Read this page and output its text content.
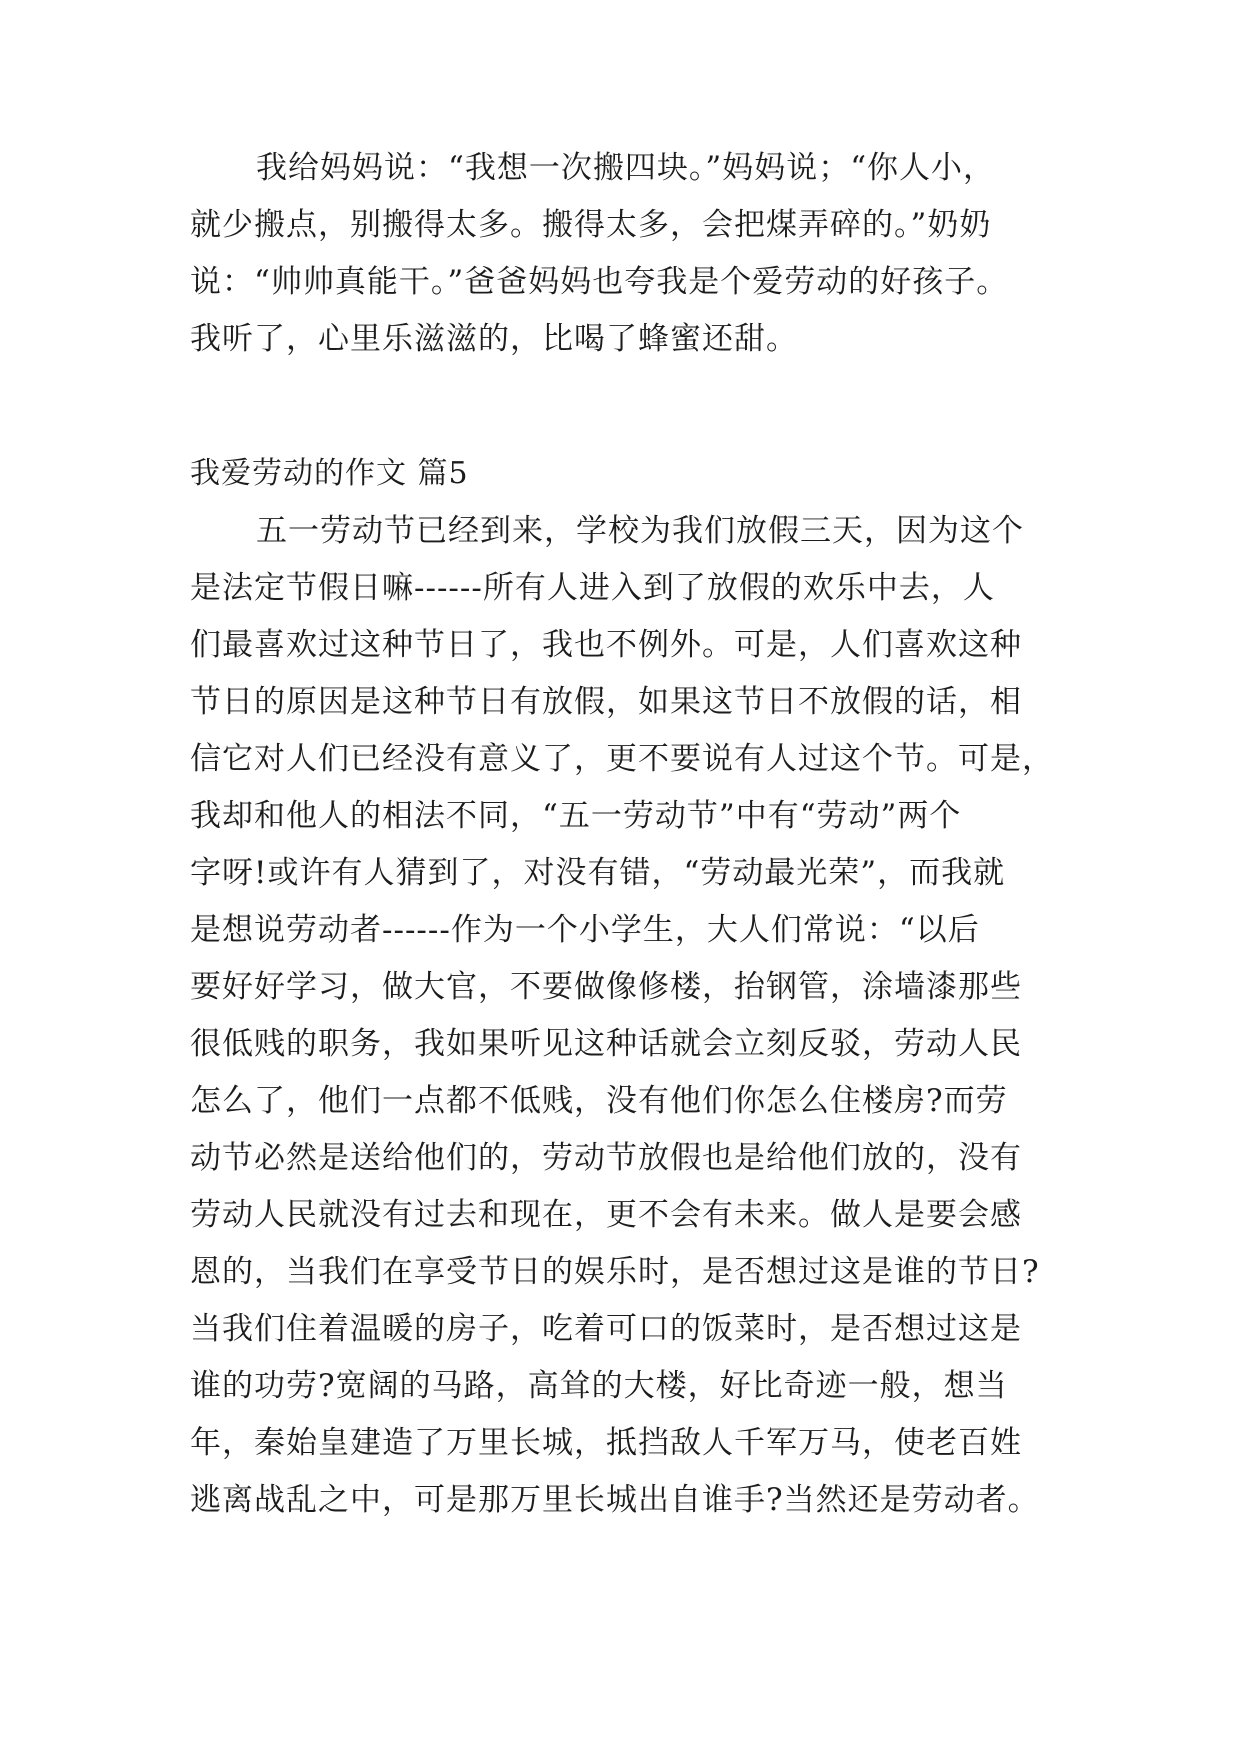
我给妈妈说：“我想一次搬四块。”妈妈说；“你人小，
就少搬点，别搬得太多。搬得太多，会把煤弄碎的。”奶奶
说：“帅帅真能干。”爸爸妈妈也夸我是个爱劳动的好孩子。
我听了，心里乐滋滋的，比喝了蜂蜜还甜。
我爱劳动的作文 篇5
五一劳动节已经到来，学校为我们放假三天，因为这个
是法定节假日嘛------所有人进入到了放假的欢乐中去，人
们最喜欢过这种节日了，我也不例外。可是，人们喜欢这种
节日的原因是这种节日有放假，如果这节日不放假的话，相
信它对人们已经没有意义了，更不要说有人过这个节。可是，
我却和他人的相法不同，“五一劳动节”中有“劳动”两个
字呀!或许有人猜到了，对没有错，“劳动最光荣”，而我就
是想说劳动者------作为一个小学生，大人们常说：“以后
要好好学习，做大官，不要做像修楼，抬钢管，涂墙漆那些
很低贱的职务，我如果听见这种话就会立刻反驳，劳动人民
怎么了，他们一点都不低贱，没有他们你怎么住楼房?而劳
动节必然是送给他们的，劳动节放假也是给他们放的，没有
劳动人民就没有过去和现在，更不会有未来。做人是要会感
恩的，当我们在享受节日的娱乐时，是否想过这是谁的节日?
当我们住着温暖的房子，吃着可口的饭菜时，是否想过这是
谁的功劳?宽阔的马路，高耸的大楼，好比奇迹一般，想当
年，秦始皇建造了万里长城，抵挡敌人千军万马，使老百姓
逃离战乱之中，可是那万里长城出自谁手?当然还是劳动者。
